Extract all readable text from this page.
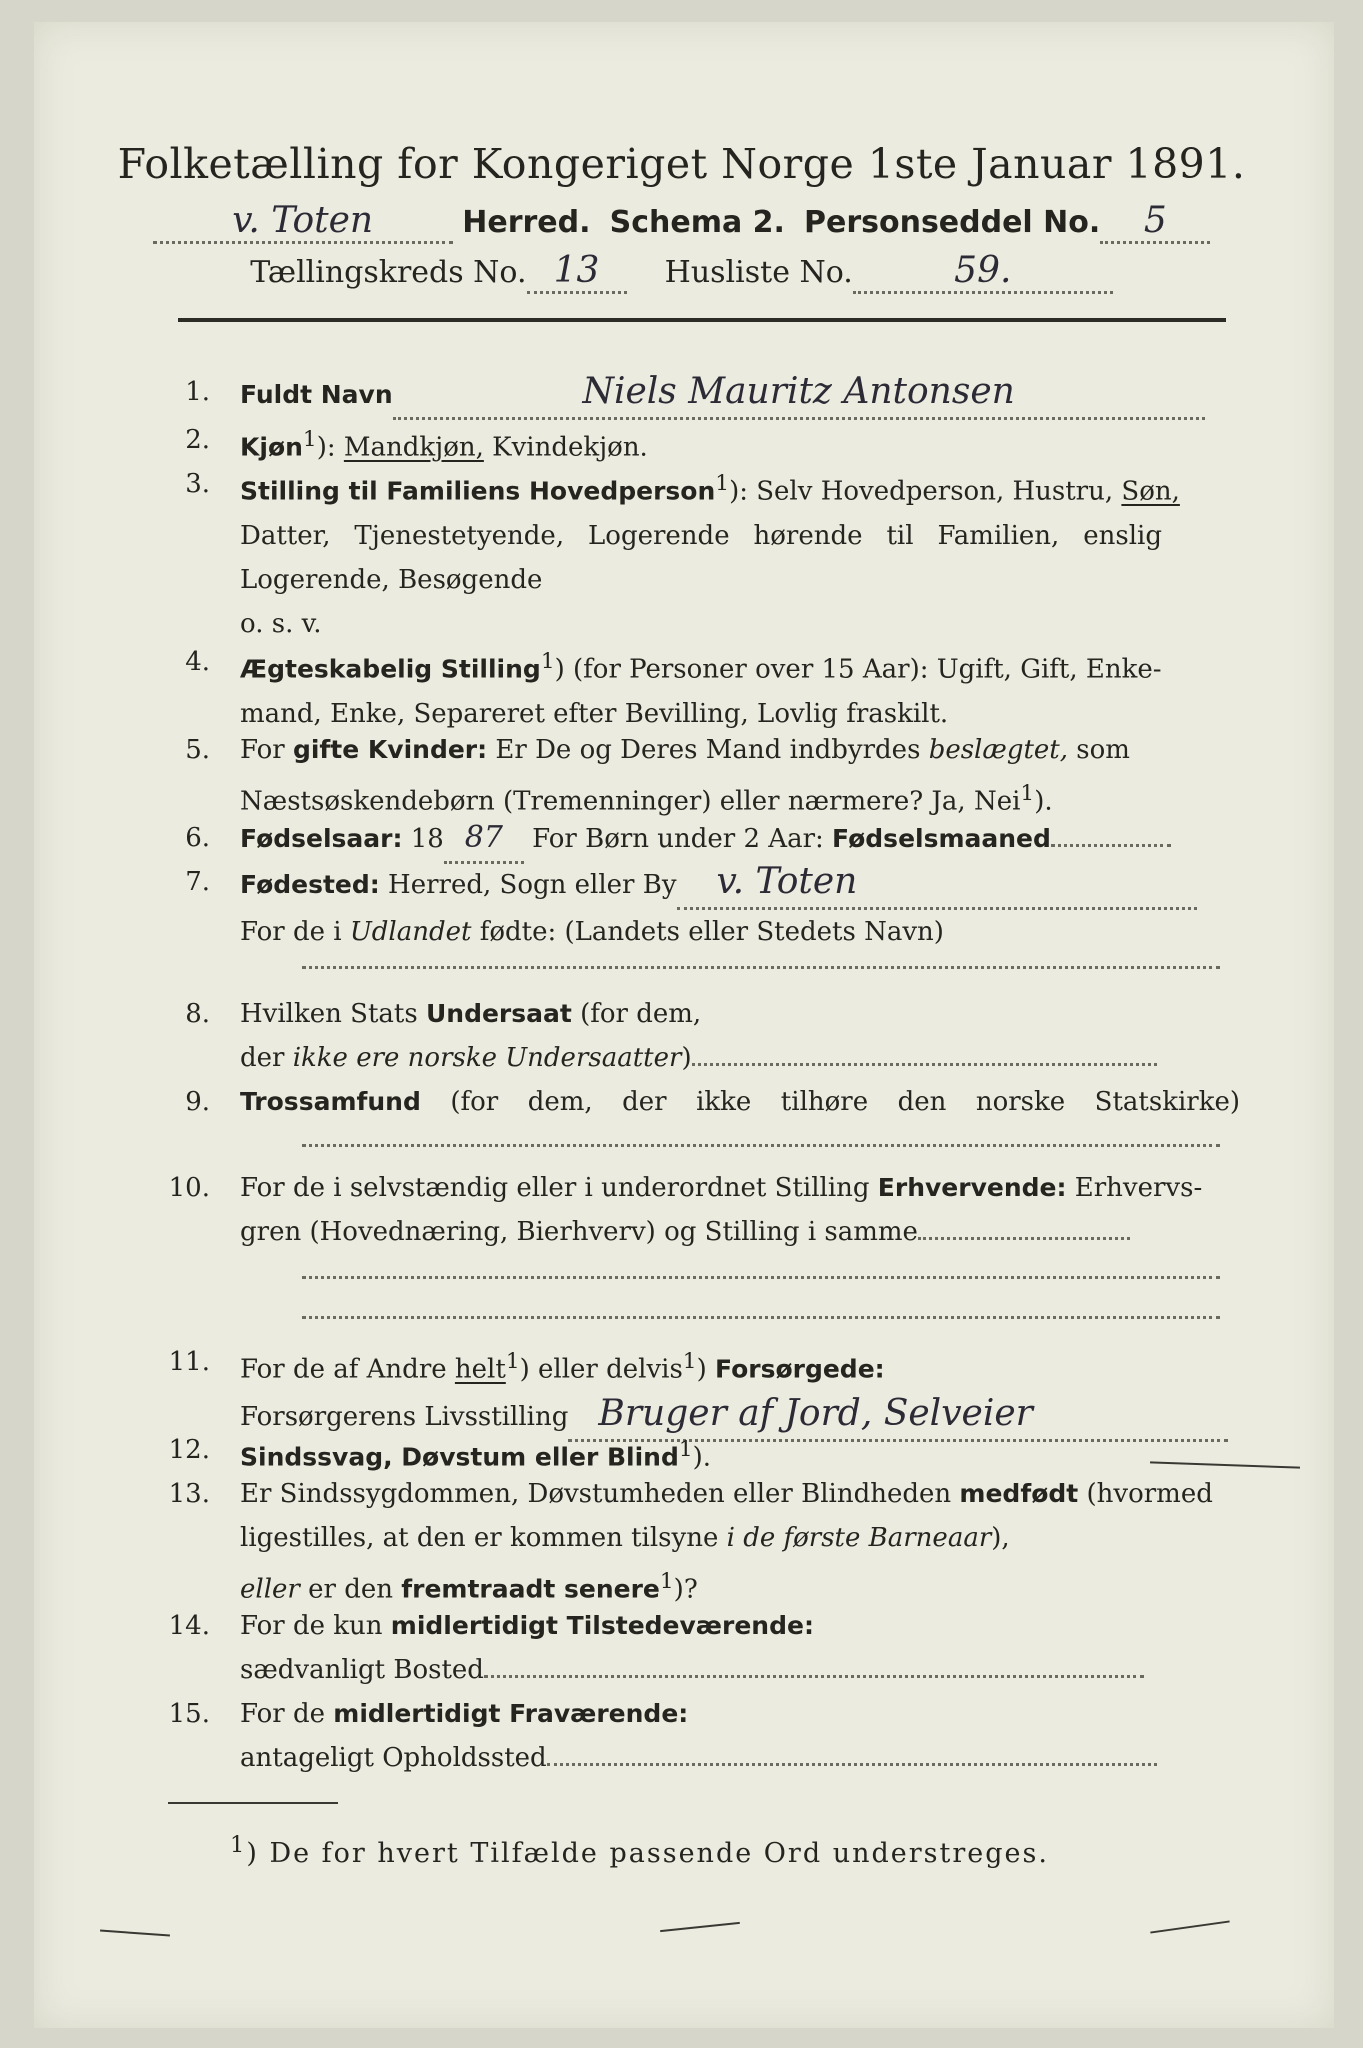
Folketælling for Kongeriget Norge 1ste Januar 1891.
v. Toten	Herred. Schema 2. Personseddel No. 5
Tællingskreds No. 13 Husliste No.	59.
1. Fuldt Navn	Niels Mauritz Antonsen
2. Kjøn$^1$): Mandkjøn, Kvindekjøn.
3. Stilling til Familiens Hovedperson$^1$): Selv Hovedperson, Hustru, Søn,
Datter, Tjenestetyende, Logerende hørende til Familien, enslig
Logerende, Besøgende
o. s. v.
4. Ægteskabelig Stilling$^1$) (for Personer over 15 Aar): Ugift, Gift, Enke-
mand, Enke, Separeret efter Bevilling, Lovlig fraskilt.
5. For gifte Kvinder: Er De og Deres Mand indbyrdes beslægtet, som
Næstsøskendebørn (Tremenninger) eller nærmere? Ja, Nei$^1$).
6. Fødselsaar: 18 87 For Børn under 2 Aar: Fødselsmaaned
7. Fødested: Herred, Sogn eller By v. Toten
For de i Udlandet fødte: (Landets eller Stedets Navn)
8. Hvilken Stats Undersaat (for dem,
der ikke ere norske Undersaatter)
9. Trossamfund (for dem, der ikke tilhøre den norske Statskirke)
10. For de i selvstændig eller i underordnet Stilling Erhvervende: Erhvervs-
gren (Hovednæring, Bierhverv) og Stilling i samme
11. For de af Andre helt$^1$) eller delvis$^1$) Forsørgede:
Forsørgerens Livsstilling Bruger af Jord, Selveier
12. Sindssvag, Døvstum eller Blind$^1$).
13. Er Sindssygdommen, Døvstumheden eller Blindheden medfødt (hvormed
ligestilles, at den er kommen tilsyne i de første Barneaar),
eller er den fremtraadt senere$^1$)?
14. For de kun midlertidigt Tilstedeværende:
sædvanligt Bosted
15. For de midlertidigt Fraværende:
antageligt Opholdssted
$^1$) De for hvert Tilfælde passende Ord understreges.
